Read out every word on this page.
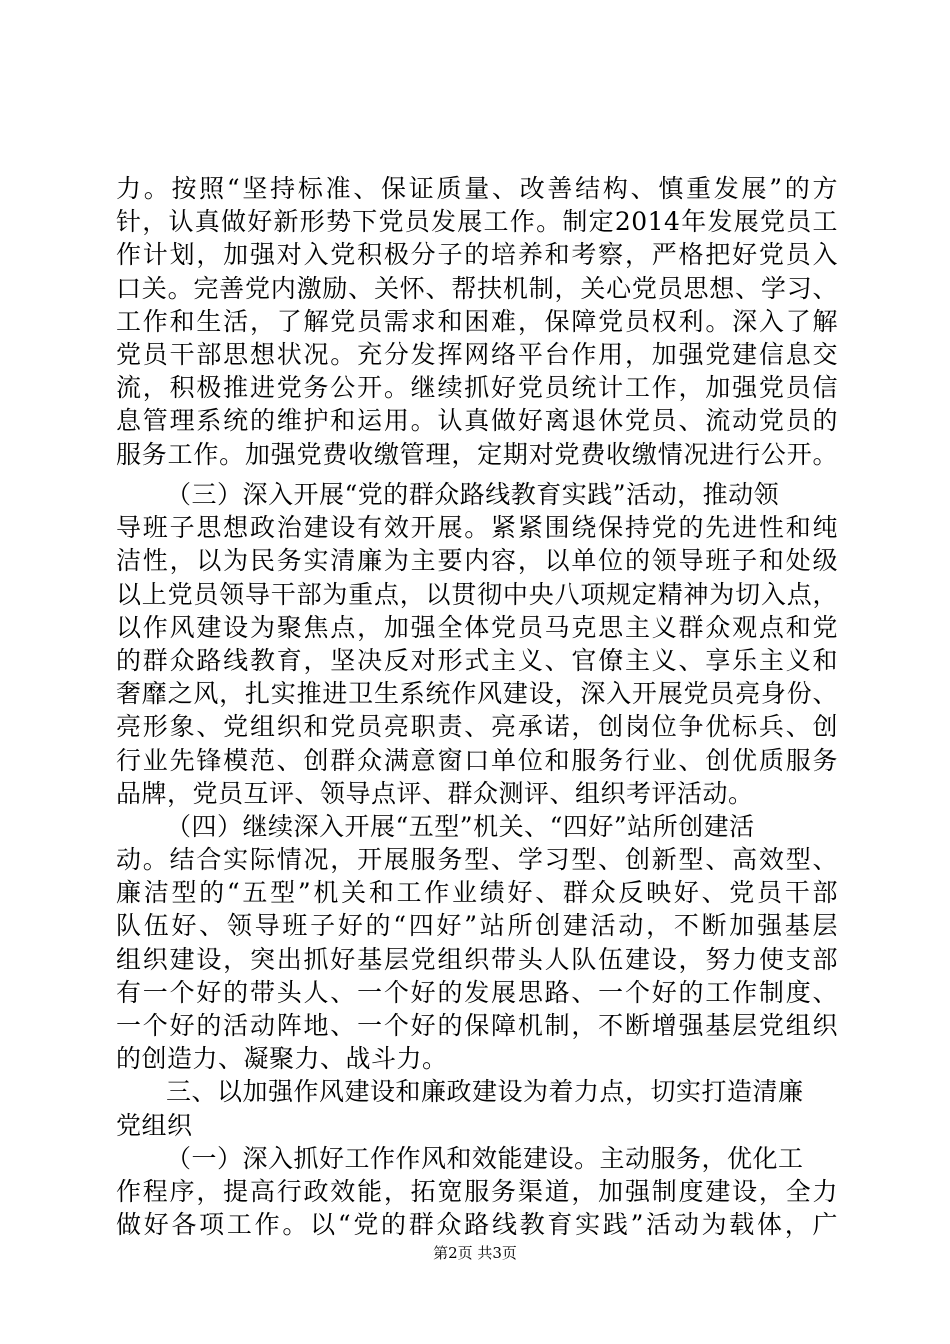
力。按照“坚持标准、保证质量、改善结构、慎重发展”的方
针，认真做好新形势下党员发展工作。制定2014年发展党员工
作计划，加强对入党积极分子的培养和考察，严格把好党员入
口关。完善党内激励、关怀、帮扶机制，关心党员思想、学习、
工作和生活，了解党员需求和困难，保障党员权利。深入了解
党员干部思想状况。充分发挥网络平台作用，加强党建信息交
流，积极推进党务公开。继续抓好党员统计工作，加强党员信
息管理系统的维护和运用。认真做好离退休党员、流动党员的
服务工作。加强党费收缴管理，定期对党费收缴情况进行公开。
（三）深入开展“党的群众路线教育实践”活动，推动领
导班子思想政治建设有效开展。紧紧围绕保持党的先进性和纯
洁性，以为民务实清廉为主要内容，以单位的领导班子和处级
以上党员领导干部为重点，以贯彻中央八项规定精神为切入点，
以作风建设为聚焦点，加强全体党员马克思主义群众观点和党
的群众路线教育，坚决反对形式主义、官僚主义、享乐主义和
奢靡之风，扎实推进卫生系统作风建设，深入开展党员亮身份、
亮形象、党组织和党员亮职责、亮承诺，创岗位争优标兵、创
行业先锋模范、创群众满意窗口单位和服务行业、创优质服务
品牌，党员互评、领导点评、群众测评、组织考评活动。
（四）继续深入开展“五型”机关、“四好”站所创建活
动。结合实际情况，开展服务型、学习型、创新型、高效型、
廉洁型的“五型”机关和工作业绩好、群众反映好、党员干部
队伍好、领导班子好的“四好”站所创建活动，不断加强基层
组织建设，突出抓好基层党组织带头人队伍建设，努力使支部
有一个好的带头人、一个好的发展思路、一个好的工作制度、
一个好的活动阵地、一个好的保障机制，不断增强基层党组织
的创造力、凝聚力、战斗力。
三、以加强作风建设和廉政建设为着力点，切实打造清廉
党组织
（一）深入抓好工作作风和效能建设。主动服务，优化工
作程序，提高行政效能，拓宽服务渠道，加强制度建设，全力
做好各项工作。以“党的群众路线教育实践”活动为载体，广
第2页 共3页
